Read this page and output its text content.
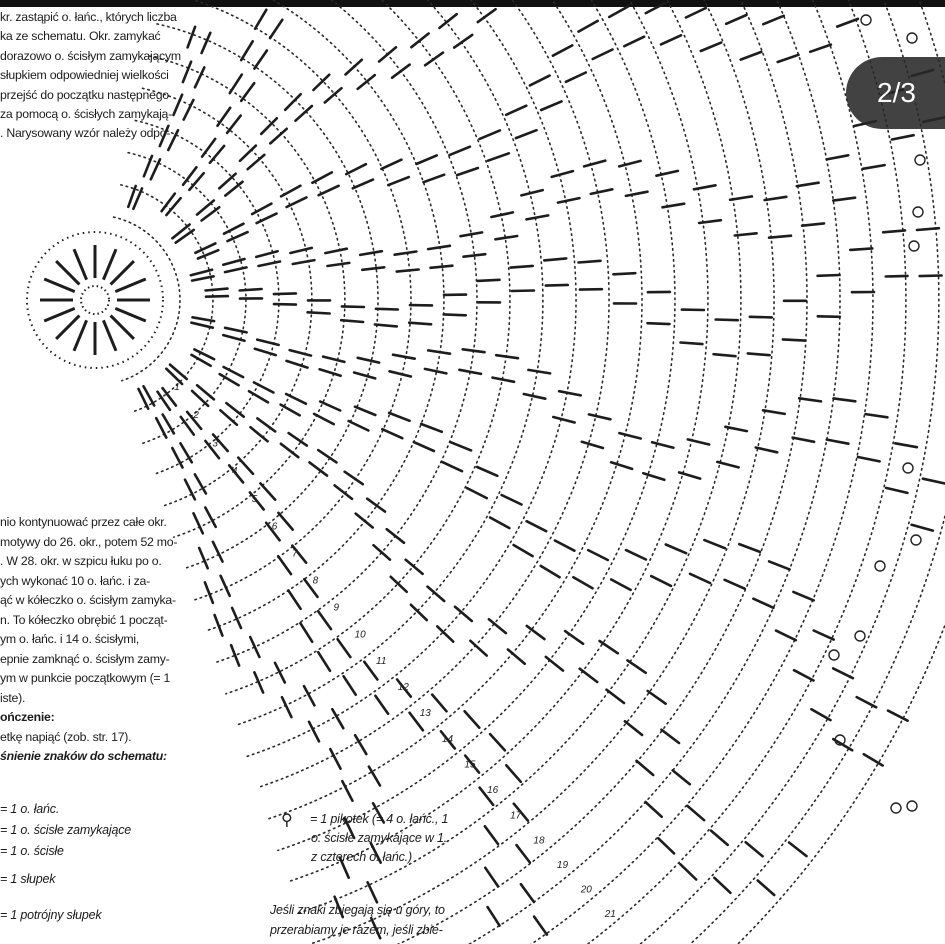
1
2
3
4
5
6
7
8
9
10
11
12
13
14
15
16
17
18
19
20
21
kr. zastąpić o. łańc., których liczba
ka ze schematu. Okr. zamykać
dorazowo o. ścisłym zamykającym
słupkiem odpowiedniej wielkości
przejść do początku następnego
za pomocą o. ścisłych zamykają-
. Narysowany wzór należy odpo-
nio kontynuować przez całe okr.
motywy do 26. okr., potem 52 mo-
. W 28. okr. w szpicu łuku po o.
ych wykonać 10 o. łańc. i za-
ąć w kółeczko o. ścisłym zamyka-
n. To kółeczko obrębić 1 począt-
ym o. łańc. i 14 o. ścisłymi,
epnie zamknąć o. ścisłym zamy-
ym w punkcie początkowym (= 1
iste).
ończenie:
etkę napiąć (zob. str. 17).
śnienie znaków do schematu:
= 1 o. łańc.
= 1 o. ścisłe zamykające
= 1 o. ścisłe
= 1 słupek
= 1 potrójny słupek
⚲	= 1 pikotek (= 4 o. łańc., 1
o. ścisłe zamykające w 1.
z czterech o. łańc.)
Jeśli znaki zbiegają się u góry, to
przerabiamy je razem, jeśli zbie-
2/3
